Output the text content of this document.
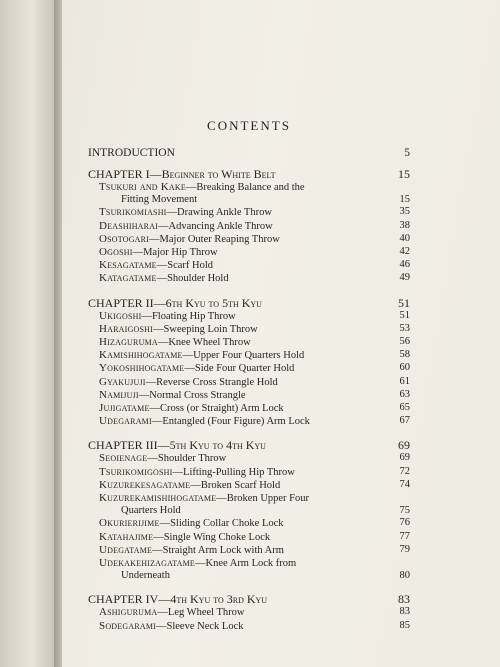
CONTENTS
INTRODUCTION	5
CHAPTER I—Beginner to White Belt	15
Tsukuri and Kake—Breaking Balance and the
Fitting Movement	15
Tsurikomiashi—Drawing Ankle Throw	35
Deashiharai—Advancing Ankle Throw	38
Osotogari—Major Outer Reaping Throw	40
Ogoshi—Major Hip Throw	42
Kesagatame—Scarf Hold	46
Katagatame—Shoulder Hold	49
CHAPTER II—6th Kyu to 5th Kyu	51
Ukigoshi—Floating Hip Throw	51
Haraigoshi—Sweeping Loin Throw	53
Hizaguruma—Knee Wheel Throw	56
Kamishihogatame—Upper Four Quarters Hold	58
Yokoshihogatame—Side Four Quarter Hold	60
Gyakujuji—Reverse Cross Strangle Hold	61
Namijuji—Normal Cross Strangle	63
Jujigatame—Cross (or Straight) Arm Lock	65
Udegarami—Entangled (Four Figure) Arm Lock	67
CHAPTER III—5th Kyu to 4th Kyu	69
Seoienage—Shoulder Throw	69
Tsurikomigoshi—Lifting-Pulling Hip Throw	72
Kuzurekesagatame—Broken Scarf Hold	74
Kuzurekamishihogatame—Broken Upper Four
Quarters Hold	75
Okurierijime—Sliding Collar Choke Lock	76
Katahajime—Single Wing Choke Lock	77
Udegatame—Straight Arm Lock with Arm	79
Udekakehizagatame—Knee Arm Lock from
Underneath	80
CHAPTER IV—4th Kyu to 3rd Kyu	83
Ashiguruma—Leg Wheel Throw	83
Sodegarami—Sleeve Neck Lock	85
